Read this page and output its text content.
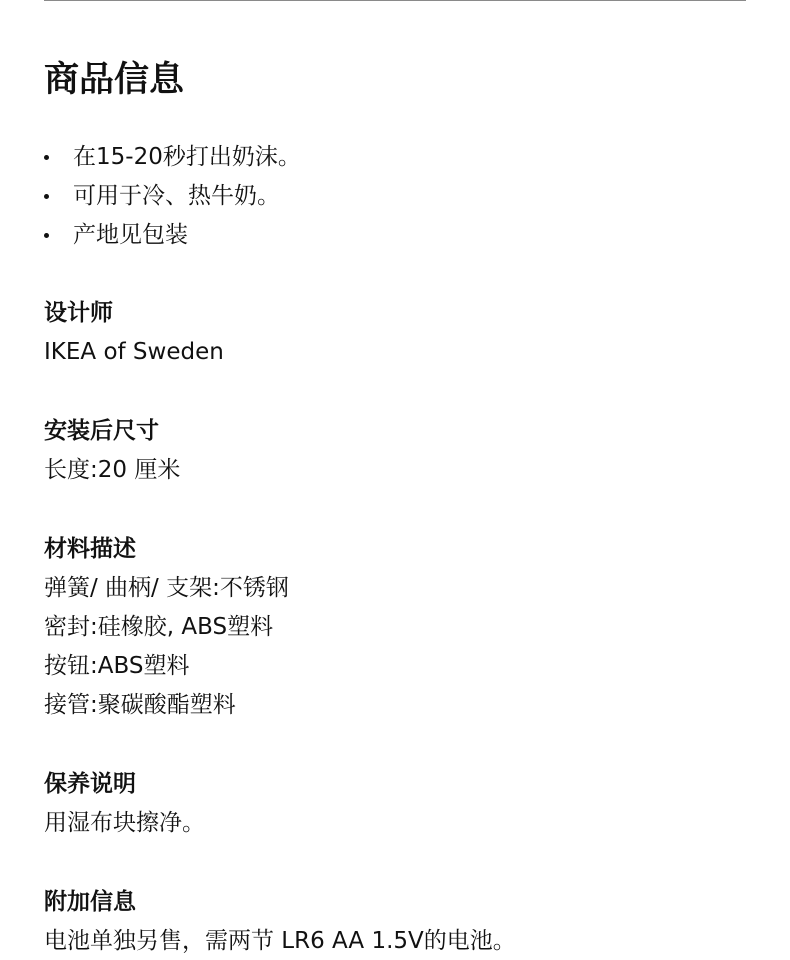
商品信息
在15-20秒打出奶沫。
可用于冷、热牛奶。
产地见包装
设计师
IKEA of Sweden
安装后尺寸
长度:20 厘米
材料描述
弹簧/ 曲柄/ 支架:不锈钢
密封:硅橡胶, ABS塑料
按钮:ABS塑料
接管:聚碳酸酯塑料
保养说明
用湿布块擦净。
附加信息
电池单独另售，需两节 LR6 AA 1.5V的电池。
